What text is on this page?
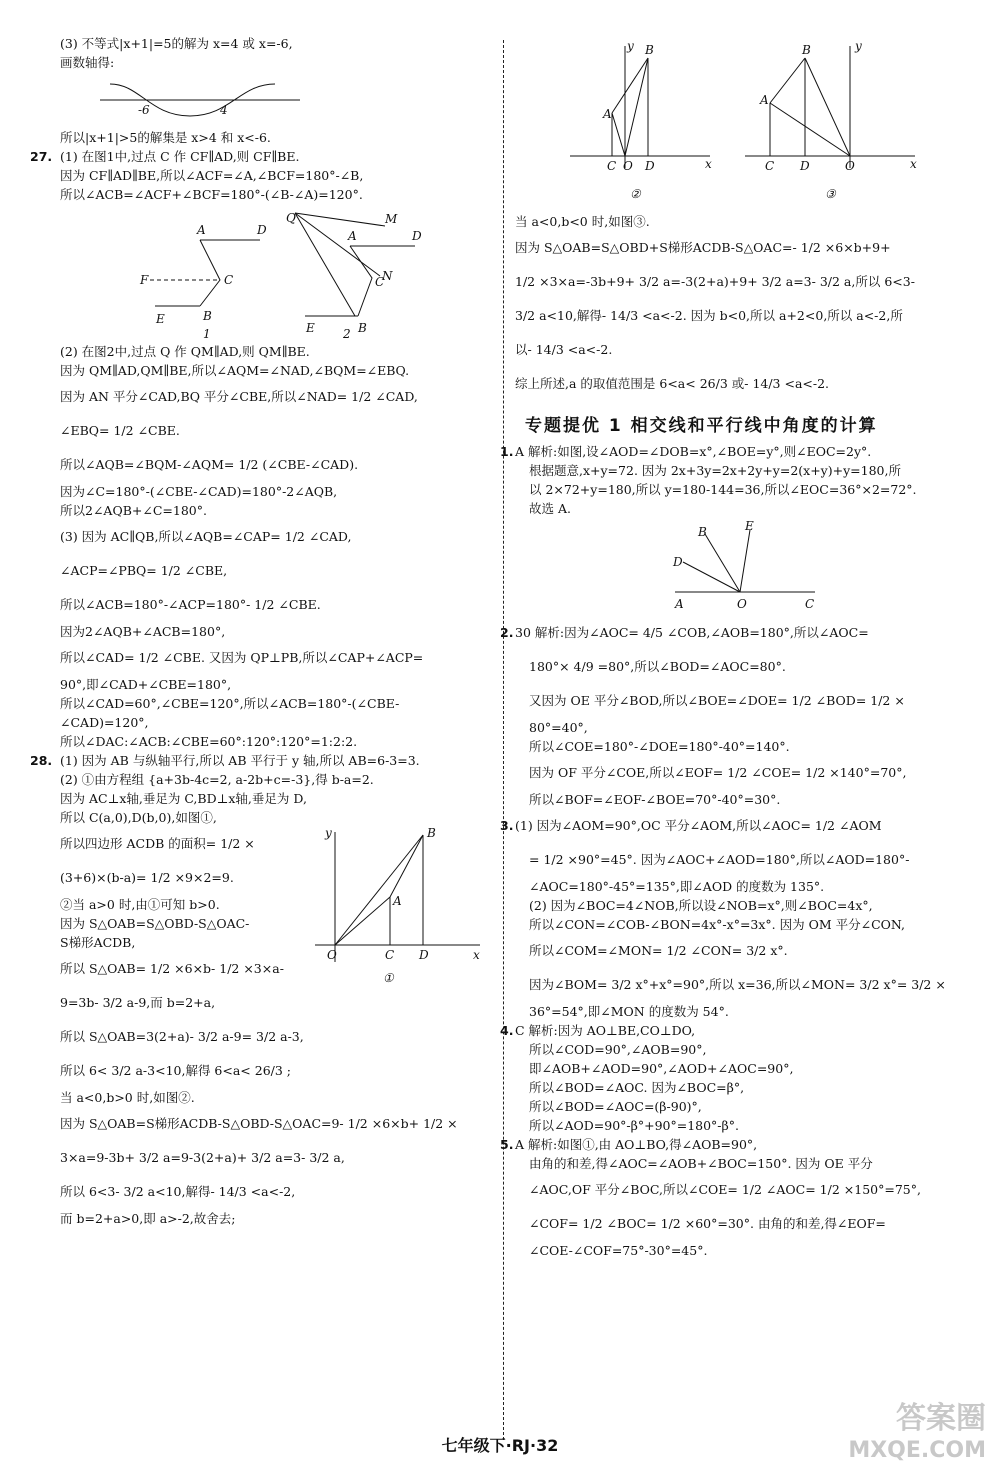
(3) 不等式|x+1|=5的解为 x=4 或 x=-6,
画数轴得:
-6	4
所以|x+1|>5的解集是 x>4 和 x<-6.
27. (1) 在图1中,过点 C 作 CF∥AD,则 CF∥BE.
因为 CF∥AD∥BE,所以∠ACF=∠A,∠BCF=180°-∠B,
所以∠ACB=∠ACF+∠BCF=180°-(∠B-∠A)=120°.
A	D
F	C
E	B
1
Q	M
A	D
N
C
E	B
2
(2) 在图2中,过点 Q 作 QM∥AD,则 QM∥BE.
因为 QM∥AD,QM∥BE,所以∠AQM=∠NAD,∠BQM=∠EBQ.
因为 AN 平分∠CAD,BQ 平分∠CBE,所以∠NAD= 1/2 ∠CAD,
∠EBQ= 1/2 ∠CBE.
所以∠AQB=∠BQM-∠AQM= 1/2 (∠CBE-∠CAD).
因为∠C=180°-(∠CBE-∠CAD)=180°-2∠AQB,
所以2∠AQB+∠C=180°.
(3) 因为 AC∥QB,所以∠AQB=∠CAP= 1/2 ∠CAD,
∠ACP=∠PBQ= 1/2 ∠CBE,
所以∠ACB=180°-∠ACP=180°- 1/2 ∠CBE.
因为2∠AQB+∠ACB=180°,
所以∠CAD= 1/2 ∠CBE. 又因为 QP⊥PB,所以∠CAP+∠ACP=
90°,即∠CAD+∠CBE=180°,
所以∠CAD=60°,∠CBE=120°,所以∠ACB=180°-(∠CBE-
∠CAD)=120°,
所以∠DAC:∠ACB:∠CBE=60°:120°:120°=1:2:2.
28. (1) 因为 AB 与纵轴平行,所以 AB 平行于 y 轴,所以 AB=6-3=3.
(2) ①由方程组 {a+3b-4c=2, a-2b+c=-3},得 b-a=2.
因为 AC⊥x轴,垂足为 C,BD⊥x轴,垂足为 D,
所以 C(a,0),D(b,0),如图①,
y	B
A
O	C D	x
①
所以四边形 ACDB 的面积= 1/2 ×
(3+6)×(b-a)= 1/2 ×9×2=9.
②当 a>0 时,由①可知 b>0.
因为 S△OAB=S△OBD-S△OAC-
S梯形ACDB,
所以 S△OAB= 1/2 ×6×b- 1/2 ×3×a-
9=3b- 3/2 a-9,而 b=2+a,
所以 S△OAB=3(2+a)- 3/2 a-9= 3/2 a-3,
所以 6< 3/2 a-3<10,解得 6<a< 26/3 ;
当 a<0,b>0 时,如图②.
因为 S△OAB=S梯形ACDB-S△OBD-S△OAC=9- 1/2 ×6×b+ 1/2 ×
3×a=9-3b+ 3/2 a=9-3(2+a)+ 3/2 a=3- 3/2 a,
所以 6<3- 3/2 a<10,解得- 14/3 <a<-2,
而 b=2+a>0,即 a>-2,故舍去;
y B
A
C O D	x
②
y
B
A
C D	O	x
③
当 a<0,b<0 时,如图③.
因为 S△OAB=S△OBD+S梯形ACDB-S△OAC=- 1/2 ×6×b+9+
1/2 ×3×a=-3b+9+ 3/2 a=-3(2+a)+9+ 3/2 a=3- 3/2 a,所以 6<3-
3/2 a<10,解得- 14/3 <a<-2. 因为 b<0,所以 a+2<0,所以 a<-2,所
以- 14/3 <a<-2.
综上所述,a 的取值范围是 6<a< 26/3 或- 14/3 <a<-2.
专题提优 1 相交线和平行线中角度的计算
1. A 解析:如图,设∠AOD=∠DOB=x°,∠BOE=y°,则∠EOC=2y°.
根据题意,x+y=72. 因为 2x+3y=2x+2y+y=2(x+y)+y=180,所
以 2×72+y=180,所以 y=180-144=36,所以∠EOC=36°×2=72°.
故选 A.
B	E
D
A	O	C
2. 30 解析:因为∠AOC= 4/5 ∠COB,∠AOB=180°,所以∠AOC=
180°× 4/9 =80°,所以∠BOD=∠AOC=80°.
又因为 OE 平分∠BOD,所以∠BOE=∠DOE= 1/2 ∠BOD= 1/2 ×
80°=40°,
所以∠COE=180°-∠DOE=180°-40°=140°.
因为 OF 平分∠COE,所以∠EOF= 1/2 ∠COE= 1/2 ×140°=70°,
所以∠BOF=∠EOF-∠BOE=70°-40°=30°.
3. (1) 因为∠AOM=90°,OC 平分∠AOM,所以∠AOC= 1/2 ∠AOM
= 1/2 ×90°=45°. 因为∠AOC+∠AOD=180°,所以∠AOD=180°-
∠AOC=180°-45°=135°,即∠AOD 的度数为 135°.
(2) 因为∠BOC=4∠NOB,所以设∠NOB=x°,则∠BOC=4x°,
所以∠CON=∠COB-∠BON=4x°-x°=3x°. 因为 OM 平分∠CON,
所以∠COM=∠MON= 1/2 ∠CON= 3/2 x°.
因为∠BOM= 3/2 x°+x°=90°,所以 x=36,所以∠MON= 3/2 x°= 3/2 ×
36°=54°,即∠MON 的度数为 54°.
4. C 解析:因为 AO⊥BE,CO⊥DO,
所以∠COD=90°,∠AOB=90°,
即∠AOB+∠AOD=90°,∠AOD+∠AOC=90°,
所以∠BOD=∠AOC. 因为∠BOC=β°,
所以∠BOD=∠AOC=(β-90)°,
所以∠AOD=90°-β°+90°=180°-β°.
5. A 解析:如图①,由 AO⊥BO,得∠AOB=90°,
由角的和差,得∠AOC=∠AOB+∠BOC=150°. 因为 OE 平分
∠AOC,OF 平分∠BOC,所以∠COE= 1/2 ∠AOC= 1/2 ×150°=75°,
∠COF= 1/2 ∠BOC= 1/2 ×60°=30°. 由角的和差,得∠EOF=
∠COE-∠COF=75°-30°=45°.
七年级下·RJ·32
答案圈
MXQE.COM
